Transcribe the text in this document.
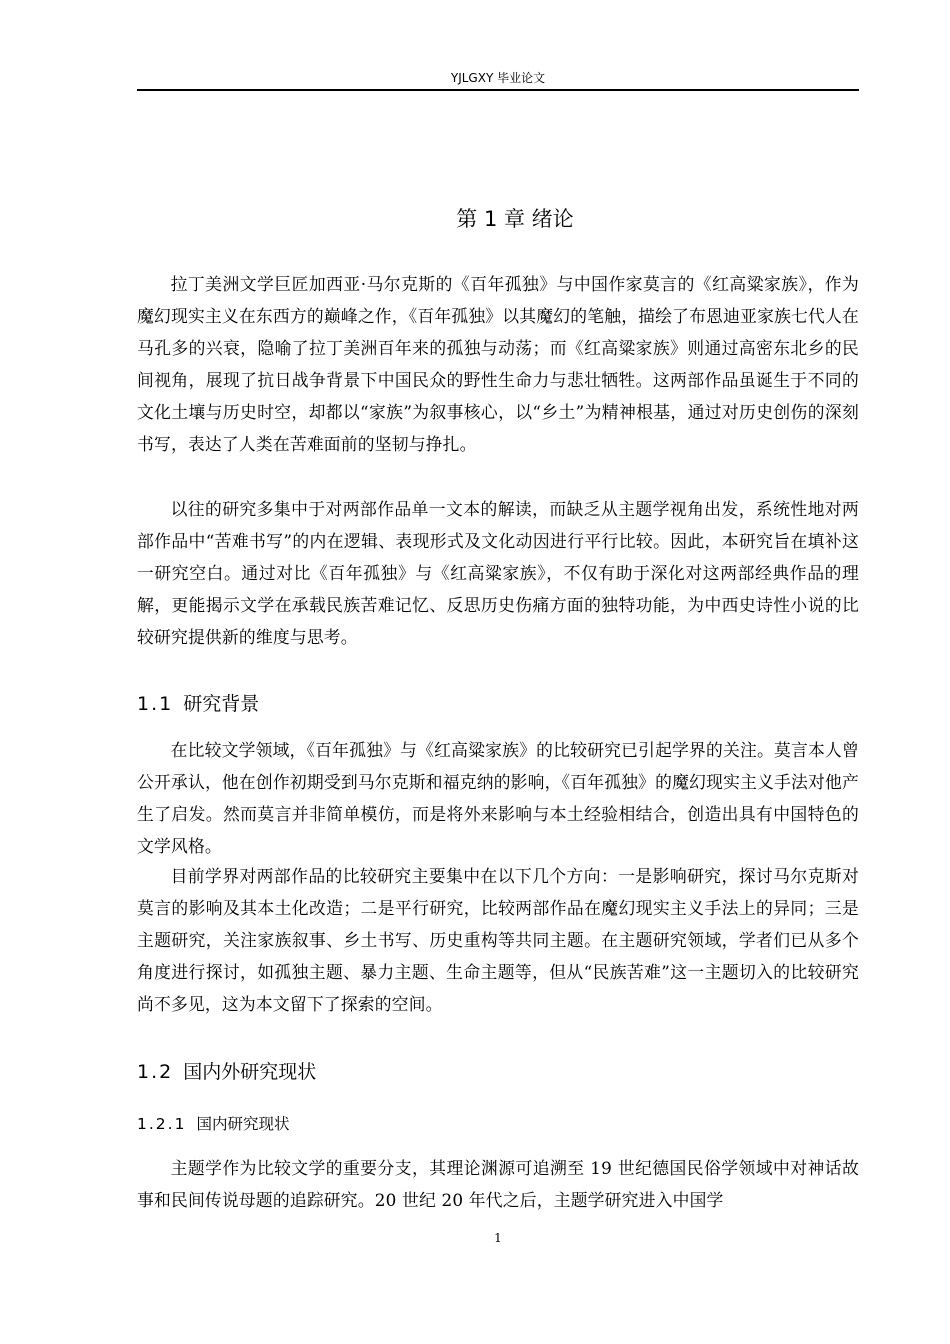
YJLGXY 毕业论文
第 1 章 绪论

拉丁美洲文学巨匠加西亚·马尔克斯的《百年孤独》与中国作家莫言的《红高粱家族》，作为魔幻现实主义在东西方的巅峰之作，《百年孤独》以其魔幻的笔触，描绘了布恩迪亚家族七代人在马孔多的兴衰，隐喻了拉丁美洲百年来的孤独与动荡；而《红高粱家族》则通过高密东北乡的民间视角，展现了抗日战争背景下中国民众的野性生命力与悲壮牺牲。这两部作品虽诞生于不同的文化土壤与历史时空，却都以“家族”为叙事核心，以“乡土”为精神根基，通过对历史创伤的深刻书写，表达了人类在苦难面前的坚韧与挣扎。

以往的研究多集中于对两部作品单一文本的解读，而缺乏从主题学视角出发，系统性地对两部作品中“苦难书写”的内在逻辑、表现形式及文化动因进行平行比较。因此，本研究旨在填补这一研究空白。通过对比《百年孤独》与《红高粱家族》，不仅有助于深化对这两部经典作品的理解，更能揭示文学在承载民族苦难记忆、反思历史伤痛方面的独特功能，为中西史诗性小说的比较研究提供新的维度与思考。

1.1 研究背景

在比较文学领域，《百年孤独》与《红高粱家族》的比较研究已引起学界的关注。莫言本人曾公开承认，他在创作初期受到马尔克斯和福克纳的影响，《百年孤独》的魔幻现实主义手法对他产生了启发。然而莫言并非简单模仿，而是将外来影响与本土经验相结合，创造出具有中国特色的文学风格。

目前学界对两部作品的比较研究主要集中在以下几个方向：一是影响研究，探讨马尔克斯对莫言的影响及其本土化改造；二是平行研究，比较两部作品在魔幻现实主义手法上的异同；三是主题研究，关注家族叙事、乡土书写、历史重构等共同主题。在主题研究领域，学者们已从多个角度进行探讨，如孤独主题、暴力主题、生命主题等，但从“民族苦难”这一主题切入的比较研究尚不多见，这为本文留下了探索的空间。

1.2 国内外研究现状
1.2.1 国内研究现状

主题学作为比较文学的重要分支，其理论渊源可追溯至 19 世纪德国民俗学领域中对神话故事和民间传说母题的追踪研究。20 世纪 20 年代之后，主题学研究进入中国学

1
